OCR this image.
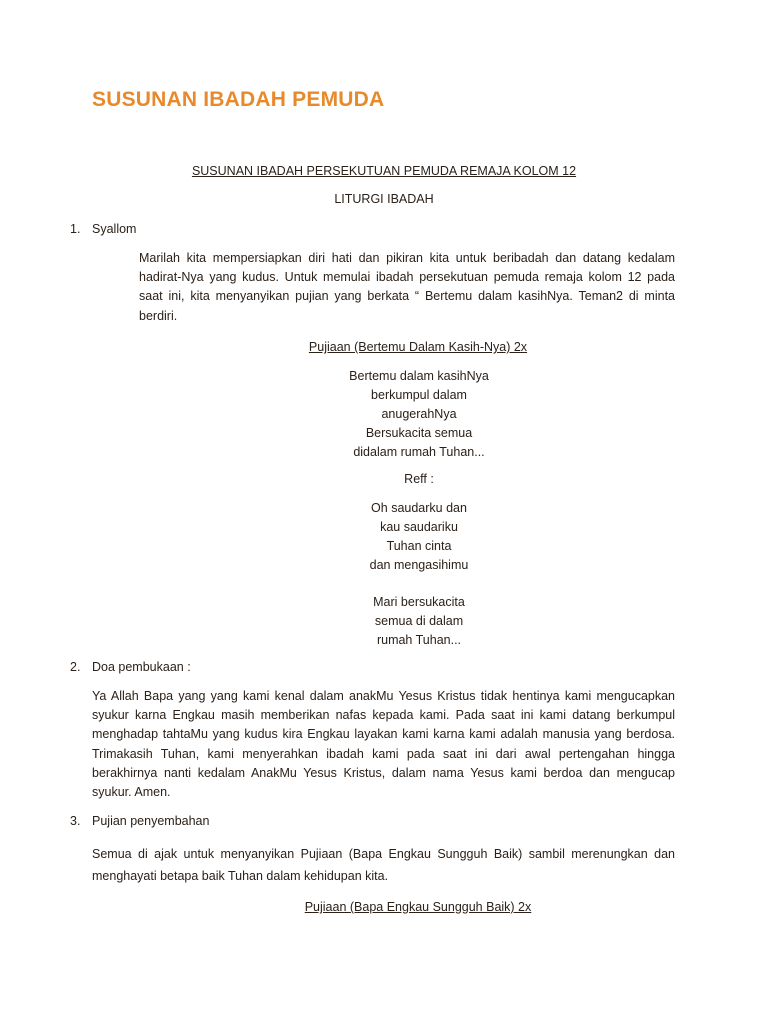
SUSUNAN IBADAH PEMUDA
SUSUNAN IBADAH PERSEKUTUAN PEMUDA REMAJA KOLOM 12
LITURGI IBADAH
1. Syallom
Marilah kita mempersiapkan diri hati dan pikiran kita untuk beribadah dan datang kedalam hadirat-Nya yang kudus. Untuk memulai ibadah persekutuan pemuda remaja kolom 12 pada saat ini, kita menyanyikan pujian yang berkata “ Bertemu dalam kasihNya. Teman2 di minta berdiri.
Pujiaan (Bertemu Dalam Kasih-Nya) 2x
Bertemu dalam kasihNya
berkumpul dalam
anugerahNya
Bersukacita semua
didalam rumah Tuhan...
Reff :
Oh saudarku dan
kau saudariku
Tuhan cinta
dan mengasihimu
Mari bersukacita
semua di dalam
rumah Tuhan...
2. Doa pembukaan :
Ya Allah Bapa yang yang kami kenal dalam anakMu Yesus Kristus tidak hentinya kami mengucapkan syukur karna Engkau masih memberikan nafas kepada kami. Pada saat ini kami datang berkumpul menghadap tahtaMu yang kudus kira Engkau layakan kami karna kami adalah manusia yang berdosa. Trimakasih Tuhan, kami menyerahkan ibadah kami pada saat ini dari awal pertengahan hingga berakhirnya nanti kedalam AnakMu Yesus Kristus, dalam nama Yesus kami berdoa dan mengucap syukur. Amen.
3. Pujian penyembahan
Semua di ajak untuk menyanyikan Pujiaan (Bapa Engkau Sungguh Baik) sambil merenungkan dan menghayati betapa baik Tuhan dalam kehidupan kita.
Pujiaan (Bapa Engkau Sungguh Baik) 2x
